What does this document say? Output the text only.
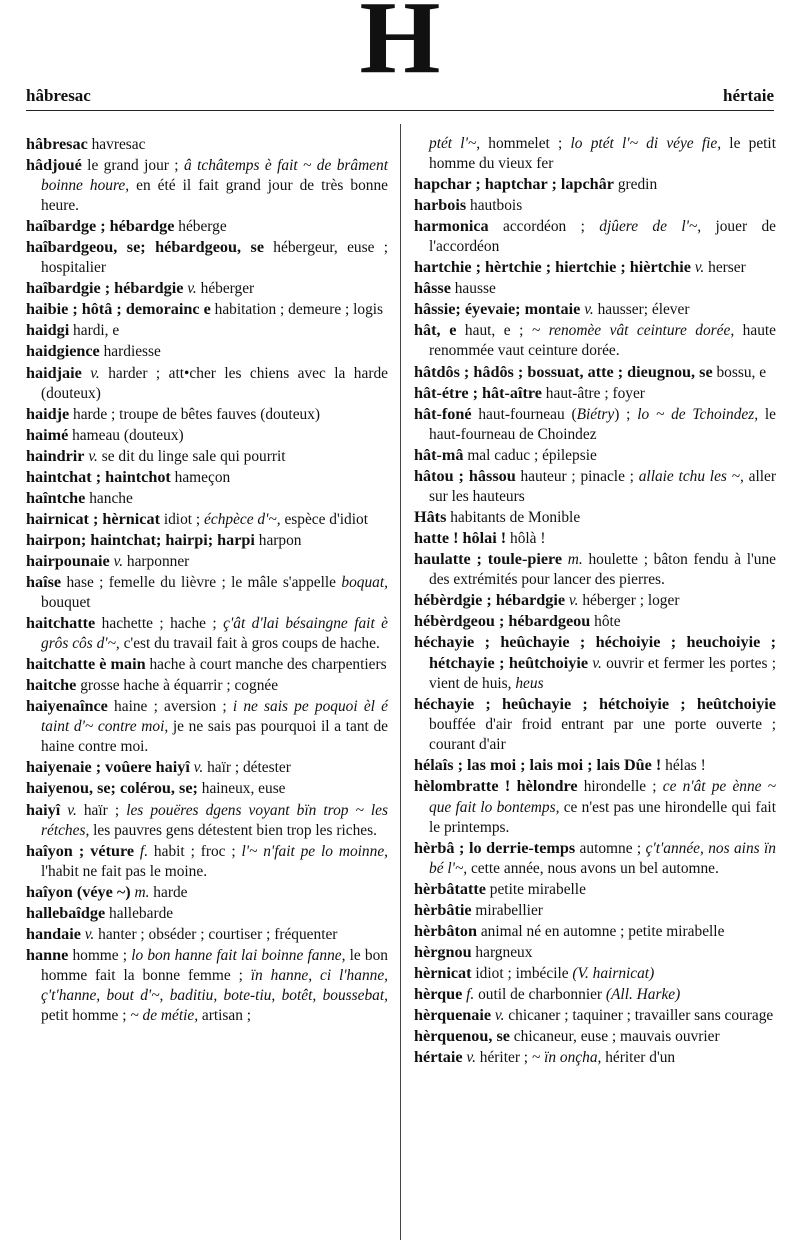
H
hâbresac	hértaie

hâbresac havresac

hâdjoué le grand jour ; â tchâtemps è fait ~ de brâment boinne houre, en été il fait grand jour de très bonne heure.

haîbardge ; hébardge héberge

haîbardgeou, se; hébardgeou, se hébergeur, euse ; hospitalier

haîbardgie ; hébardgie v. héberger

haibie ; hôtâ ; demorainc e habitation ; demeure ; logis

haidgi hardi, e

haidgience hardiesse

haidjaie v. harder ; att•cher les chiens avec la harde (douteux)

haidje harde ; troupe de bêtes fauves (douteux)

haimé hameau (douteux)

haindrir v. se dit du linge sale qui pourrit

haintchat ; haintchot hameçon

haîntche hanche

hairnicat ; hèrnicat idiot ; échpèce d'~, espèce d'idiot

hairpon; haintchat; hairpi; harpi harpon

hairpounaie v. harponner

haîse hase ; femelle du lièvre ; le mâle s'appelle boquat, bouquet

haitchatte hachette ; hache ; ç'ât d'lai bésaingne fait è grôs côs d'~, c'est du travail fait à gros coups de hache.

haitchatte è main hache à court manche des charpentiers

haitche grosse hache à équarrir ; cognée

haiyenaînce haine ; aversion ; i ne sais pe poquoi èl é taint d'~ contre moi, je ne sais pas pourquoi il a tant de haine contre moi.

haiyenaie ; voûere haiyî v. haïr ; détester

haiyenou, se; colérou, se; haineux, euse

haiyî v. haïr ; les pouëres dgens voyant bïn trop ~ les rétches, les pauvres gens détestent bien trop les riches.

haîyon ; véture f. habit ; froc ; l'~ n'fait pe lo moinne, l'habit ne fait pas le moine.

haîyon (véye ~) m. harde

hallebaîdge hallebarde

handaie v. hanter ; obséder ; courtiser ; fréquenter

hanne homme ; lo bon hanne fait lai boinne fanne, le bon homme fait la bonne femme ; ïn hanne, ci l'hanne, ç't'hanne, bout d'~, baditiu, bote-tiu, botêt, boussebat, petit homme ; ~ de métie, artisan ;

ptét l'~, hommelet ; lo ptét l'~ di véye fie, le petit homme du vieux fer

hapchar ; haptchar ; lapchâr gredin

harbois hautbois

harmonica accordéon ; djûere de l'~, jouer de l'accordéon

hartchie ; hèrtchie ; hiertchie ; hièrtchie v. herser

hâsse hausse

hâssie; éyevaie; montaie v. hausser; élever

hât, e haut, e ; ~ renomèe vât ceinture dorée, haute renommée vaut ceinture dorée.

hâtdôs ; hâdôs ; bossuat, atte ; dieugnou, se bossu, e

hât-étre ; hât-aître haut-âtre ; foyer

hât-foné haut-fourneau (Biétry) ; lo ~ de Tchoindez, le haut-fourneau de Choindez

hât-mâ mal caduc ; épilepsie

hâtou ; hâssou hauteur ; pinacle ; allaie tchu les ~, aller sur les hauteurs

Hâts habitants de Monible

hatte ! hôlai ! hôlà !

haulatte ; toule-piere m. houlette ; bâton fendu à l'une des extrémités pour lancer des pierres.

hébèrdgie ; hébardgie v. héberger ; loger

hébèrdgeou ; hébardgeou hôte

héchayie ; heûchayie ; héchoiyie ; heuchoiyie ; hétchayie ; heûtchoiyie v. ouvrir et fermer les portes ; vient de huis, heus

héchayie ; heûchayie ; hétchoiyie ; heûtchoiyie bouffée d'air froid entrant par une porte ouverte ; courant d'air

hélaîs ; las moi ; lais moi ; lais Dûe ! hélas !

hèlombratte ! hèlondre hirondelle ; ce n'ât pe ènne ~ que fait lo bontemps, ce n'est pas une hirondelle qui fait le printemps.

hèrbâ ; lo derrie-temps automne ; ç't'année, nos ains ïn bé l'~, cette année, nous avons un bel automne.

hèrbâtatte petite mirabelle

hèrbâtie mirabellier

hèrbâton animal né en automne ; petite mirabelle

hèrgnou hargneux

hèrnicat idiot ; imbécile (V. hairnicat)

hèrque f. outil de charbonnier (All. Harke)

hèrquenaie v. chicaner ; taquiner ; travailler sans courage

hèrquenou, se chicaneur, euse ; mauvais ouvrier

hértaie v. hériter ; ~ ïn onçha, hériter d'un
